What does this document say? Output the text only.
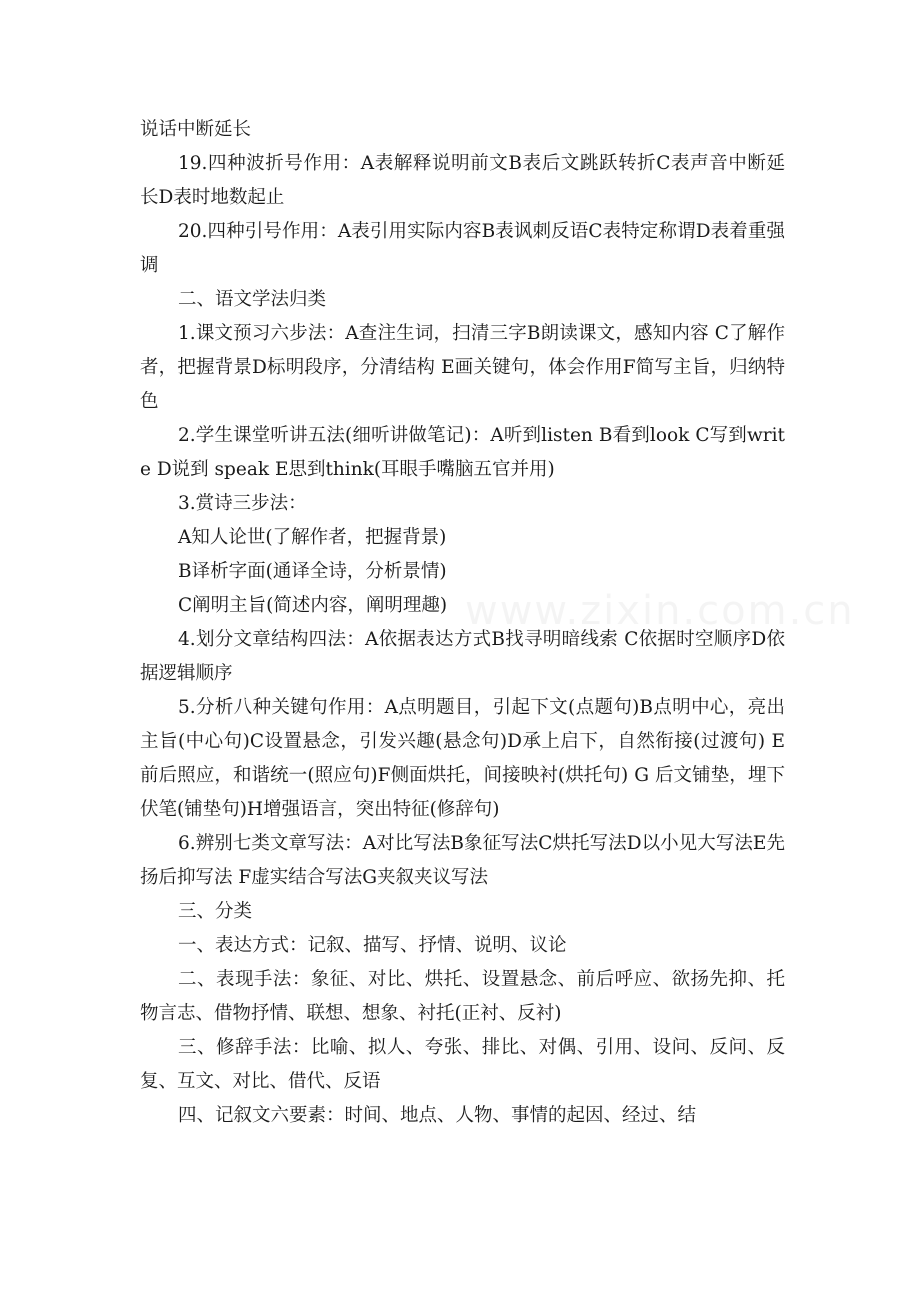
www.zixin.com.cn

说话中断延长

19.四种波折号作用：A表解释说明前文B表后文跳跃转折C表声音中断延长D表时地数起止

20.四种引号作用：A表引用实际内容B表讽刺反语C表特定称谓D表着重强调

二、语文学法归类

1.课文预习六步法：A查注生词，扫清三字B朗读课文，感知内容 C了解作者，把握背景D标明段序，分清结构 E画关键句，体会作用F简写主旨，归纳特色

2.学生课堂听讲五法(细听讲做笔记)：A听到listen B看到look C写到write D说到 speak E思到think(耳眼手嘴脑五官并用)

3.赏诗三步法：

A知人论世(了解作者，把握背景)

B译析字面(通译全诗，分析景情)

C阐明主旨(简述内容，阐明理趣)

4.划分文章结构四法：A依据表达方式B找寻明暗线索 C依据时空顺序D依据逻辑顺序

5.分析八种关键句作用：A点明题目，引起下文(点题句)B点明中心，亮出主旨(中心句)C设置悬念，引发兴趣(悬念句)D承上启下，自然衔接(过渡句) E前后照应，和谐统一(照应句)F侧面烘托，间接映衬(烘托句) G 后文铺垫，埋下伏笔(铺垫句)H增强语言，突出特征(修辞句)

6.辨别七类文章写法：A对比写法B象征写法C烘托写法D以小见大写法E先扬后抑写法 F虚实结合写法G夹叙夹议写法

三、分类

一、表达方式：记叙、描写、抒情、说明、议论

二、表现手法：象征、对比、烘托、设置悬念、前后呼应、欲扬先抑、托物言志、借物抒情、联想、想象、衬托(正衬、反衬)

三、修辞手法：比喻、拟人、夸张、排比、对偶、引用、设问、反问、反复、互文、对比、借代、反语

四、记叙文六要素：时间、地点、人物、事情的起因、经过、结
